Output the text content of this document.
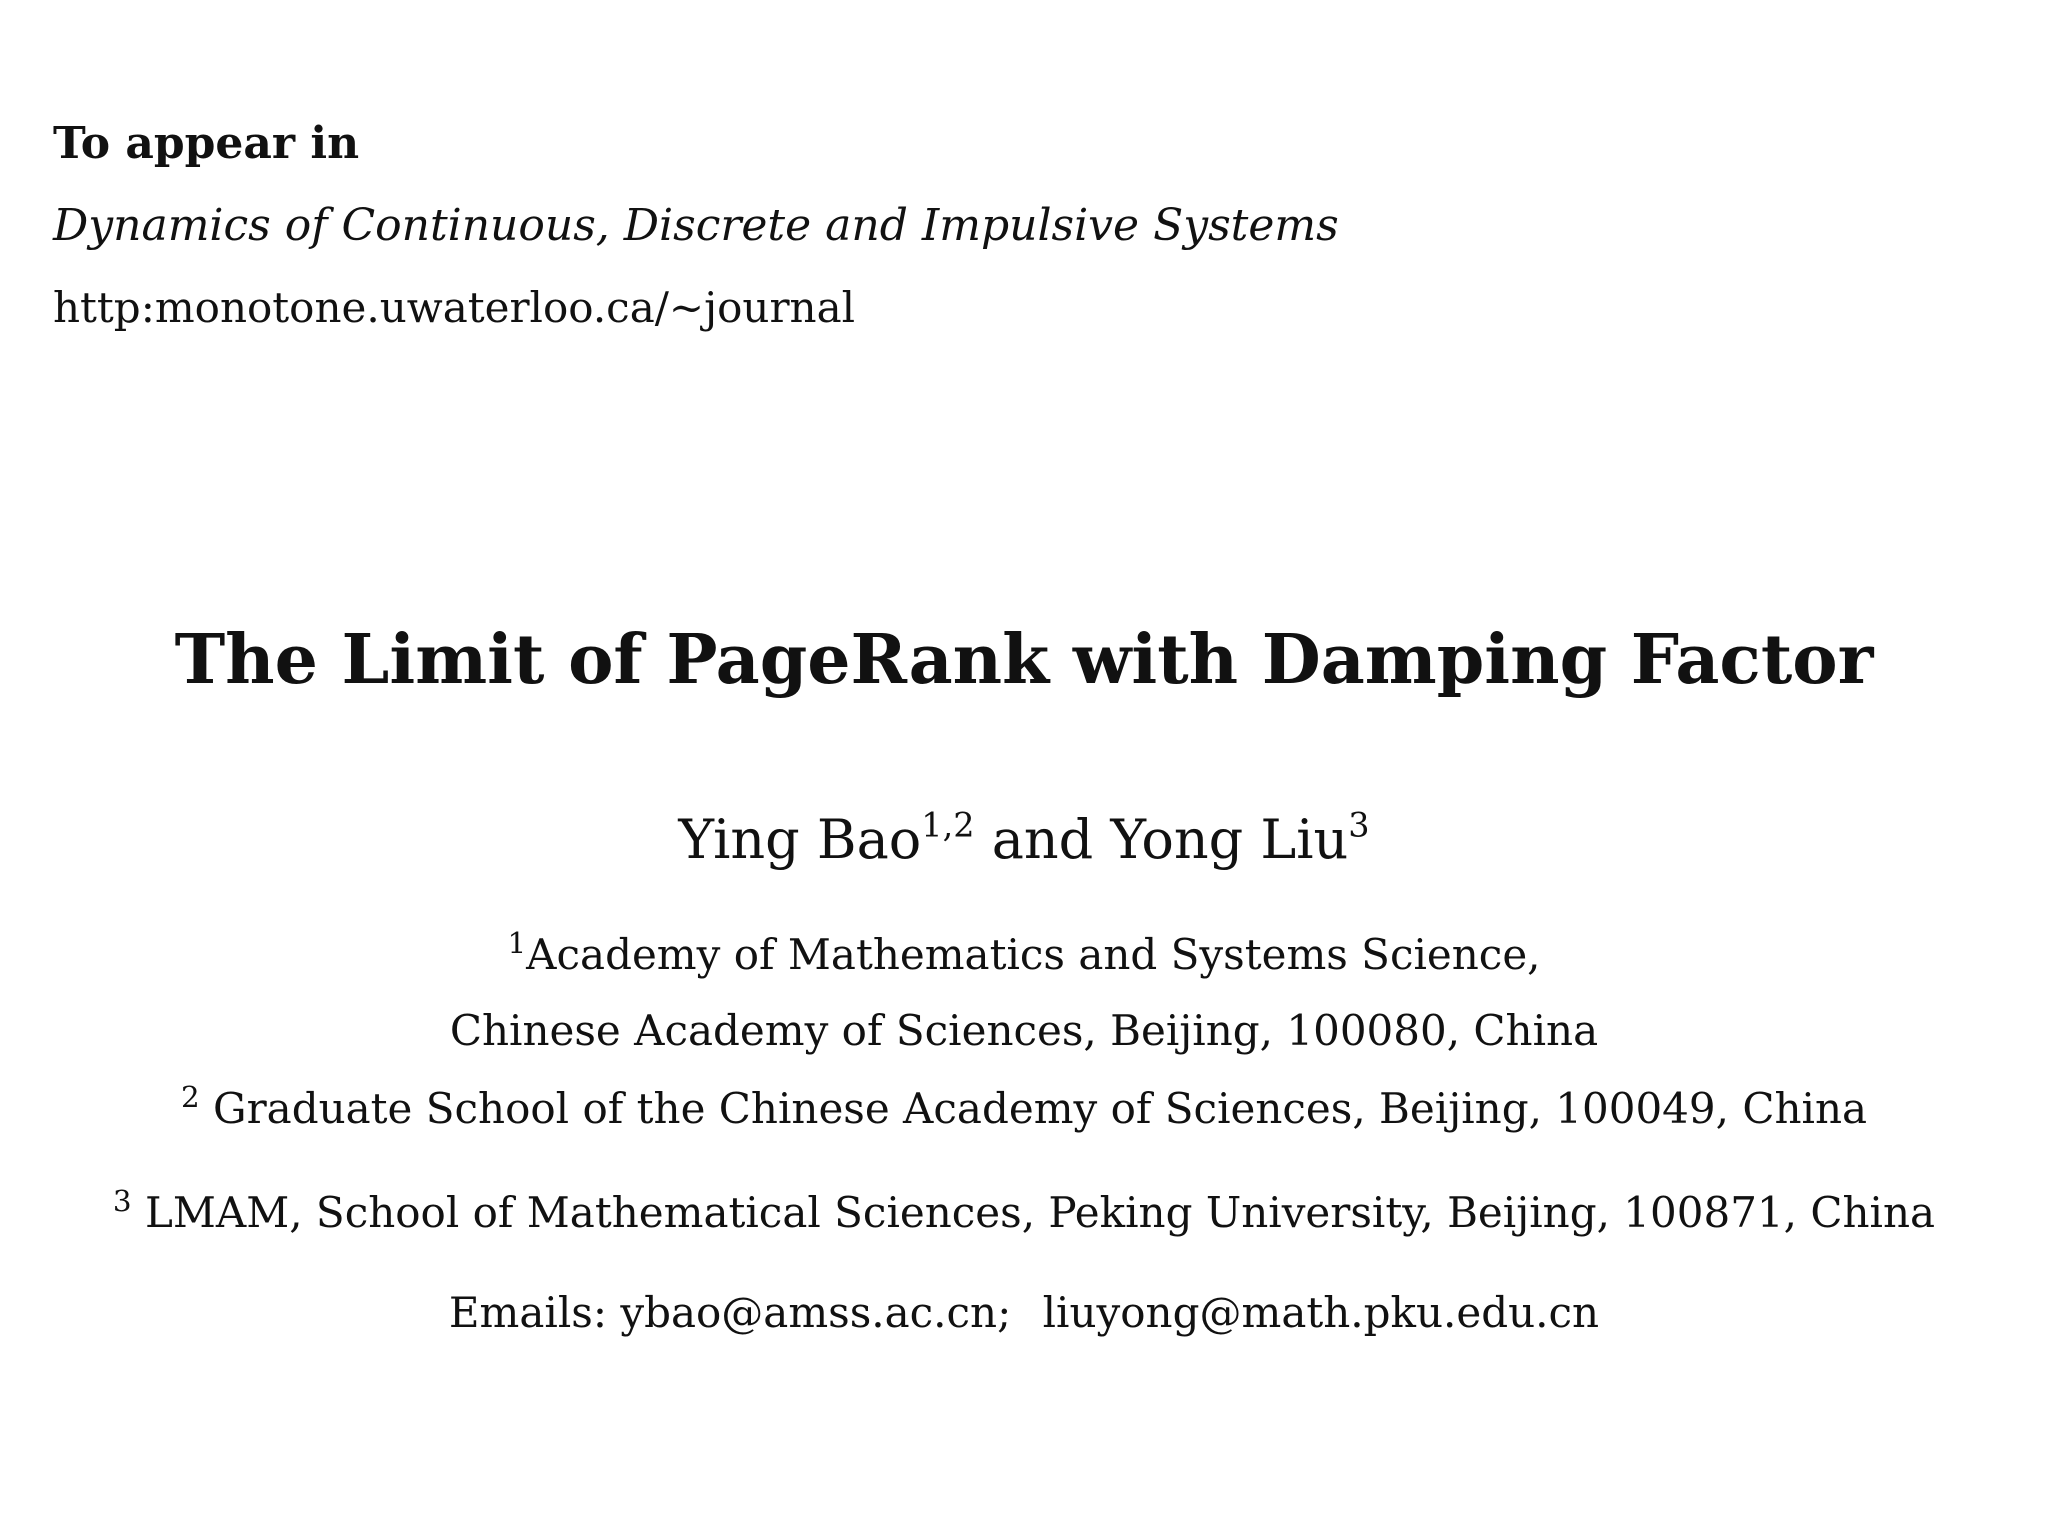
To appear in
Dynamics of Continuous, Discrete and Impulsive Systems
http:monotone.uwaterloo.ca/∼journal
The Limit of PageRank with Damping Factor
Ying Bao$^{1,2}$ and Yong Liu$^3$
$^1$Academy of Mathematics and Systems Science,
Chinese Academy of Sciences, Beijing, 100080, China
$^2$ Graduate School of the Chinese Academy of Sciences, Beijing, 100049, China
$^3$ LMAM, School of Mathematical Sciences, Peking University, Beijing, 100871, China
Emails: ybao@amss.ac.cn; liuyong@math.pku.edu.cn
